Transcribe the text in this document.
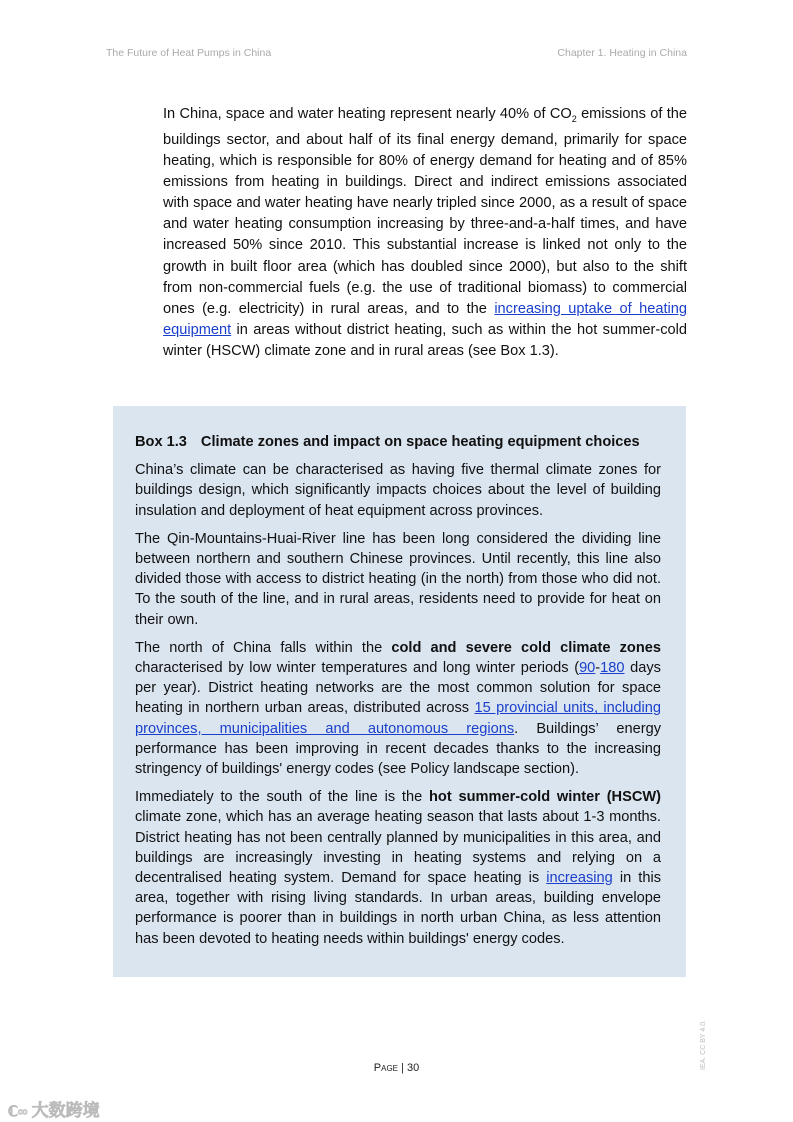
The Future of Heat Pumps in China	Chapter 1. Heating in China
In China, space and water heating represent nearly 40% of $CO_2$ emissions of the buildings sector, and about half of its final energy demand, primarily for space heating, which is responsible for 80% of energy demand for heating and of 85% emissions from heating in buildings. Direct and indirect emissions associated with space and water heating have nearly tripled since 2000, as a result of space and water heating consumption increasing by three-and-a-half times, and have increased 50% since 2010. This substantial increase is linked not only to the growth in built floor area (which has doubled since 2000), but also to the shift from non-commercial fuels (e.g. the use of traditional biomass) to commercial ones (e.g. electricity) in rural areas, and to the increasing uptake of heating equipment in areas without district heating, such as within the hot summer-cold winter (HSCW) climate zone and in rural areas (see Box 1.3).

Box 1.3 Climate zones and impact on space heating equipment choices

China’s climate can be characterised as having five thermal climate zones for buildings design, which significantly impacts choices about the level of building insulation and deployment of heat equipment across provinces.

The Qin-Mountains-Huai-River line has been long considered the dividing line between northern and southern Chinese provinces. Until recently, this line also divided those with access to district heating (in the north) from those who did not. To the south of the line, and in rural areas, residents need to provide for heat on their own.

The north of China falls within the cold and severe cold climate zones characterised by low winter temperatures and long winter periods (90-180 days per year). District heating networks are the most common solution for space heating in northern urban areas, distributed across 15 provincial units, including provinces, municipalities and autonomous regions. Buildings’ energy performance has been improving in recent decades thanks to the increasing stringency of buildings' energy codes (see Policy landscape section).

Immediately to the south of the line is the hot summer-cold winter (HSCW) climate zone, which has an average heating season that lasts about 1-3 months. District heating has not been centrally planned by municipalities in this area, and buildings are increasingly investing in heating systems and relying on a decentralised heating system. Demand for space heating is increasing in this area, together with rising living standards. In urban areas, building envelope performance is poorer than in buildings in north urban China, as less attention has been devoted to heating needs within buildings' energy codes.

Page | 30	IEA. CC BY 4.0.
ℂ∞ 大数跨境
